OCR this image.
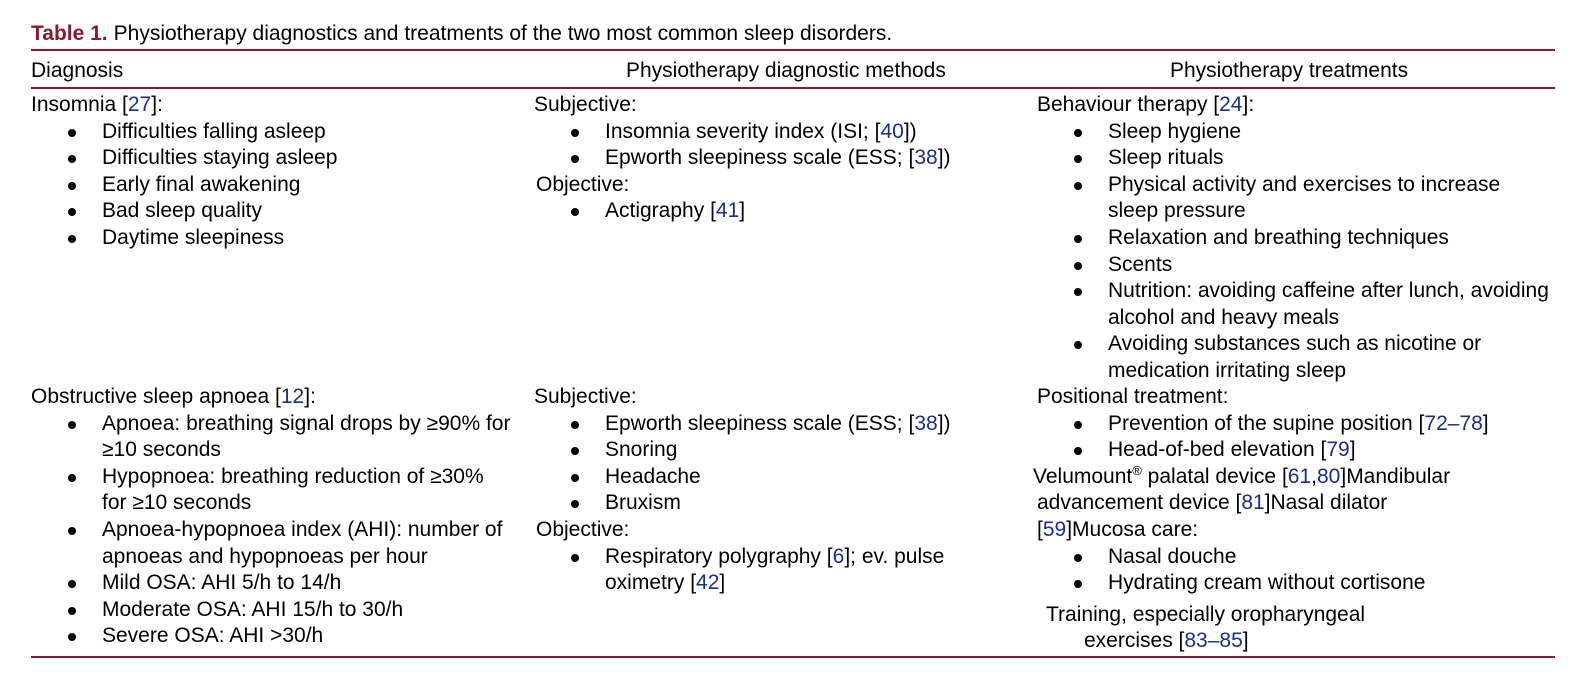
Table 1. Physiotherapy diagnostics and treatments of the two most common sleep disorders.
Diagnosis	Physiotherapy diagnostic methods	Physiotherapy treatments
Insomnia [27]:
Difficulties falling asleep
Difficulties staying asleep
Early final awakening
Bad sleep quality
Daytime sleepiness
Subjective:
Insomnia severity index (ISI; [40])
Epworth sleepiness scale (ESS; [38])
Objective:
Actigraphy [41]
Behaviour therapy [24]:
Sleep hygiene
Sleep rituals
Physical activity and exercises to increase sleep pressure
Relaxation and breathing techniques
Scents
Nutrition: avoiding caffeine after lunch, avoiding alcohol and heavy meals
Avoiding substances such as nicotine or medication irritating sleep
Obstructive sleep apnoea [12]:
Apnoea: breathing signal drops by ≥90% for ≥10 seconds
Hypopnoea: breathing reduction of ≥30% for ≥10 seconds
Apnoea-hypopnoea index (AHI): number of apnoeas and hypopnoeas per hour
Mild OSA: AHI 5/h to 14/h
Moderate OSA: AHI 15/h to 30/h
Severe OSA: AHI >30/h
Subjective:
Epworth sleepiness scale (ESS; [38])
Snoring
Headache
Bruxism
Objective:
Respiratory polygraphy [6]; ev. pulse oximetry [42]
Positional treatment:
Prevention of the supine position [72–78]
Head-of-bed elevation [79]
Velumount® palatal device [61,80]Mandibular
advancement device [81]Nasal dilator
[59]Mucosa care:
Nasal douche
Hydrating cream without cortisone
Training, especially oropharyngeal
exercises [83–85]
